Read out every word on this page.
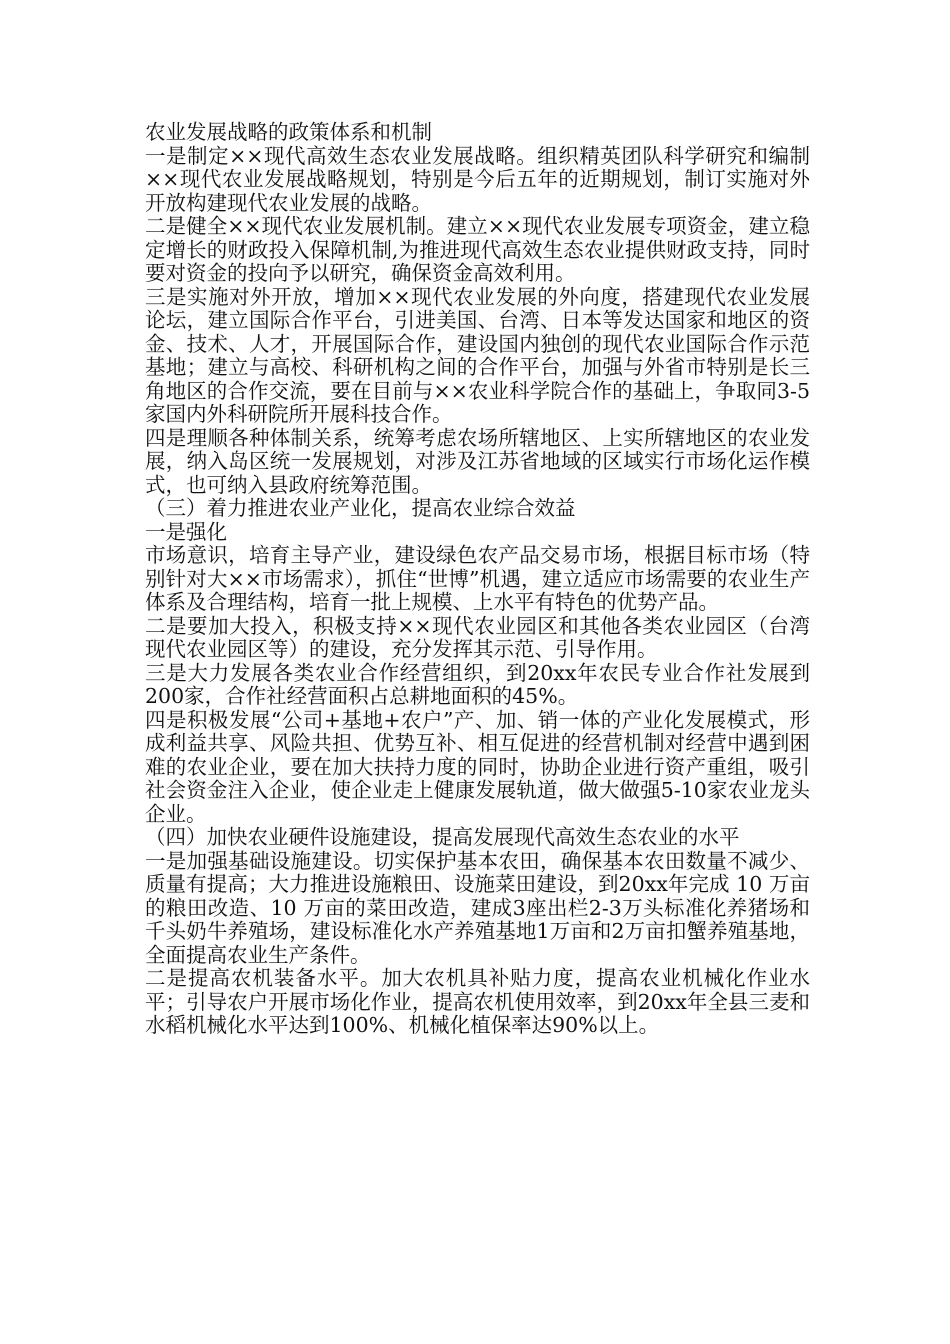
农业发展战略的政策体系和机制

一是制定××现代高效生态农业发展战略。组织精英团队科学研究和编制××现代农业发展战略规划，特别是今后五年的近期规划，制订实施对外开放构建现代农业发展的战略。

二是健全××现代农业发展机制。建立××现代农业发展专项资金，建立稳定增长的财政投入保障机制,为推进现代高效生态农业提供财政支持，同时要对资金的投向予以研究，确保资金高效利用。

三是实施对外开放，增加××现代农业发展的外向度，搭建现代农业发展论坛，建立国际合作平台，引进美国、台湾、日本等发达国家和地区的资金、技术、人才，开展国际合作，建设国内独创的现代农业国际合作示范基地；建立与高校、科研机构之间的合作平台，加强与外省市特别是长三角地区的合作交流，要在目前与××农业科学院合作的基础上，争取同3-5家国内外科研院所开展科技合作。

四是理顺各种体制关系，统筹考虑农场所辖地区、上实所辖地区的农业发展，纳入岛区统一发展规划，对涉及江苏省地域的区域实行市场化运作模式，也可纳入县政府统筹范围。

（三）着力推进农业产业化，提高农业综合效益

一是强化

市场意识，培育主导产业，建设绿色农产品交易市场，根据目标市场（特别针对大××市场需求），抓住“世博”机遇，建立适应市场需要的农业生产体系及合理结构，培育一批上规模、上水平有特色的优势产品。

二是要加大投入，积极支持××现代农业园区和其他各类农业园区（台湾现代农业园区等）的建设，充分发挥其示范、引导作用。

三是大力发展各类农业合作经营组织，到20xx年农民专业合作社发展到200家，合作社经营面积占总耕地面积的45%。

四是积极发展“公司+基地+农户”产、加、销一体的产业化发展模式，形成利益共享、风险共担、优势互补、相互促进的经营机制对经营中遇到困难的农业企业，要在加大扶持力度的同时，协助企业进行资产重组，吸引社会资金注入企业，使企业走上健康发展轨道，做大做强5-10家农业龙头企业。

（四）加快农业硬件设施建设，提高发展现代高效生态农业的水平

一是加强基础设施建设。切实保护基本农田，确保基本农田数量不减少、质量有提高；大力推进设施粮田、设施菜田建设，到20xx年完成 10 万亩的粮田改造、10 万亩的菜田改造，建成3座出栏2-3万头标准化养猪场和千头奶牛养殖场，建设标准化水产养殖基地1万亩和2万亩扣蟹养殖基地，全面提高农业生产条件。

二是提高农机装备水平。加大农机具补贴力度，提高农业机械化作业水平；引导农户开展市场化作业，提高农机使用效率，到20xx年全县三麦和水稻机械化水平达到100%、机械化植保率达90%以上。
